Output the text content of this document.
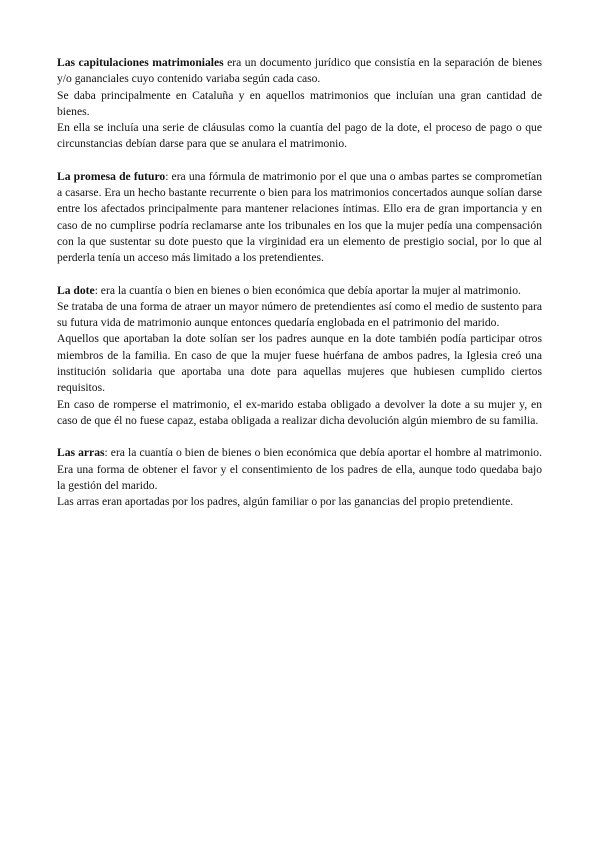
Las capitulaciones matrimoniales era un documento jurídico que consistía en la separación de bienes y/o gananciales cuyo contenido variaba según cada caso.

Se daba principalmente en Cataluña y en aquellos matrimonios que incluían una gran cantidad de bienes.

En ella se incluía una serie de cláusulas como la cuantía del pago de la dote, el proceso de pago o que circunstancias debían darse para que se anulara el matrimonio.

La promesa de futuro: era una fórmula de matrimonio por el que una o ambas partes se comprometían a casarse. Era un hecho bastante recurrente o bien para los matrimonios concertados aunque solían darse entre los afectados principalmente para mantener relaciones íntimas. Ello era de gran importancia y en caso de no cumplirse podría reclamarse ante los tribunales en los que la mujer pedía una compensación con la que sustentar su dote puesto que la virginidad era un elemento de prestigio social, por lo que al perderla tenía un acceso más limitado a los pretendientes.

La dote: era la cuantía o bien en bienes o bien económica que debía aportar la mujer al matrimonio.

Se trataba de una forma de atraer un mayor número de pretendientes así como el medio de sustento para su futura vida de matrimonio aunque entonces quedaría englobada en el patrimonio del marido.

Aquellos que aportaban la dote solían ser los padres aunque en la dote también podía participar otros miembros de la familia. En caso de que la mujer fuese huérfana de ambos padres, la Iglesia creó una institución solidaria que aportaba una dote para aquellas mujeres que hubiesen cumplido ciertos requisitos.

En caso de romperse el matrimonio, el ex-marido estaba obligado a devolver la dote a su mujer y, en caso de que él no fuese capaz, estaba obligada a realizar dicha devolución algún miembro de su familia.

Las arras: era la cuantía o bien de bienes o bien económica que debía aportar el hombre al matrimonio. Era una forma de obtener el favor y el consentimiento de los padres de ella, aunque todo quedaba bajo la gestión del marido.

Las arras eran aportadas por los padres, algún familiar o por las ganancias del propio pretendiente.
